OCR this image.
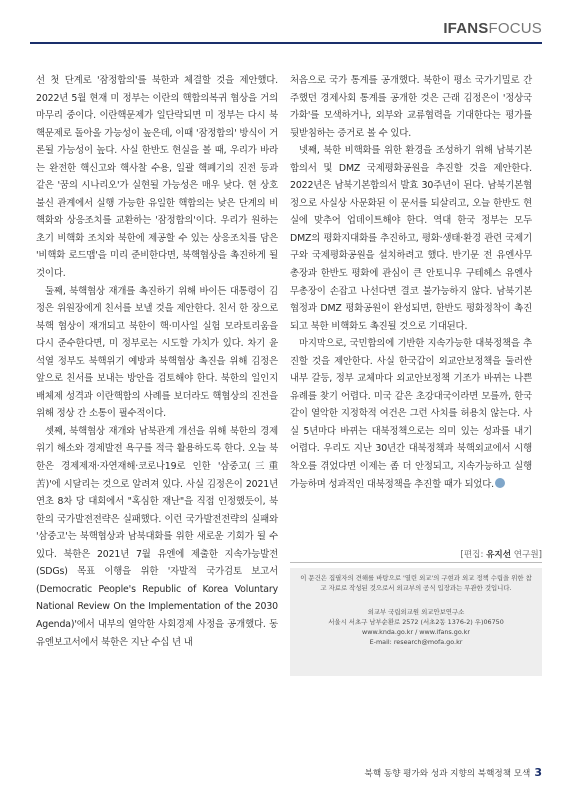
IFANSFOCUS

선 첫 단계로 '잠정합의'를 북한과 체결할 것을 제안했다. 2022년 5월 현재 미 정부는 이란의 핵합의복귀 협상을 거의 마무리 중이다. 이란핵문제가 일단락되면 미 정부는 다시 북핵문제로 돌아올 가능성이 높은데, 이때 '잠정합의' 방식이 거론될 가능성이 높다. 사실 한반도 현실을 볼 때, 우리가 바라는 완전한 핵신고와 핵사찰 수용, 일괄 핵폐기의 진전 등과 같은 '꿈의 시나리오'가 실현될 가능성은 매우 낮다. 현 상호불신 관계에서 실행 가능한 유일한 핵합의는 낮은 단계의 비핵화와 상응조치를 교환하는 '잠정합의'이다. 우리가 원하는 초기 비핵화 조치와 북한에 제공할 수 있는 상응조치를 담은 '비핵화 로드맵'을 미리 준비한다면, 북핵협상을 촉진하게 될 것이다.

둘째, 북핵협상 재개를 촉진하기 위해 바이든 대통령이 김정은 위원장에게 친서를 보낼 것을 제안한다. 친서 한 장으로 북핵 협상이 재개되고 북한이 핵·미사일 실험 모라토리움을 다시 준수한다면, 미 정부로는 시도할 가치가 있다. 차기 윤석열 정부도 북핵위기 예방과 북핵협상 촉진을 위해 김정은 앞으로 친서를 보내는 방안을 검토해야 한다. 북한의 일인지배체제 성격과 이란핵합의 사례를 보더라도 핵협상의 진전을 위해 정상 간 소통이 필수적이다.

셋째, 북핵협상 재개와 남북관계 개선을 위해 북한의 경제위기 해소와 경제발전 욕구를 적극 활용하도록 한다. 오늘 북한은 경제제재·자연재해·코로나19로 인한 '삼중고(三重苦)'에 시달리는 것으로 알려져 있다. 사실 김정은이 2021년 연초 8차 당 대회에서 "혹심한 재난"을 직접 인정했듯이, 북한의 국가발전전략은 실패했다. 이런 국가발전전략의 실패와 '삼중고'는 북핵협상과 남북대화를 위한 새로운 기회가 될 수 있다. 북한은 2021년 7월 유엔에 제출한 지속가능발전(SDGs) 목표 이행을 위한 '자발적 국가검토 보고서(Democratic People's Republic of Korea Voluntary National Review On the Implementation of the 2030 Agenda)'에서 내부의 열악한 사회경제 사정을 공개했다. 동 유엔보고서에서 북한은 지난 수십 년 내

처음으로 국가 통계를 공개했다. 북한이 평소 국가기밀로 간주했던 경제사회 통계를 공개한 것은 근래 김정은이 '정상국가화'를 모색하거나, 외부와 교류협력을 기대한다는 평가를 뒷받침하는 증거로 볼 수 있다.

넷째, 북한 비핵화를 위한 환경을 조성하기 위해 남북기본합의서 및 DMZ 국제평화공원을 추진할 것을 제안한다. 2022년은 남북기본합의서 발효 30주년이 된다. 남북기본협정으로 사실상 사문화된 이 문서를 되살리고, 오늘 한반도 현실에 맞추어 업데이트해야 한다. 역대 한국 정부는 모두 DMZ의 평화지대화를 추진하고, 평화·생태·환경 관련 국제기구와 국제평화공원을 설치하려고 했다. 반기문 전 유엔사무총장과 한반도 평화에 관심이 큰 안토니우 구테헤스 유엔사무총장이 손잡고 나선다면 결코 불가능하지 않다. 남북기본협정과 DMZ 평화공원이 완성되면, 한반도 평화정착이 촉진되고 북한 비핵화도 촉진될 것으로 기대된다.

마지막으로, 국민합의에 기반한 지속가능한 대북정책을 추진할 것을 제안한다. 사실 한국갑이 외교안보정책을 둘러싼 내부 갈등, 정부 교체마다 외교안보정책 기조가 바뀌는 나쁜 유례를 찾기 어렵다. 미국 같은 초강대국이라면 모를까, 한국같이 열악한 지정학적 여건은 그런 사치를 허용치 않는다. 사실 5년마다 바뀌는 대북정책으로는 의미 있는 성과를 내기 어렵다. 우리도 지난 30년간 대북정책과 북핵외교에서 시행착오를 겪었다면 이제는 좀 더 안정되고, 지속가능하고 실행가능하며 성과적인 대북정책을 추진할 때가 되었다.

[편집: 유지선 연구원]
이 문건은 집필자의 견해를 바탕으로 '열린 외교'의 구현과 외교 정책 수립을 위한 참고 자료로 작성된 것으로서 외교부의 공식 입장과는 무관한 것입니다.
외교부 국립외교원 외교안보연구소
서울시 서초구 남부순환로 2572 (서초2동 1376-2) 우)06750
www.knda.go.kr / www.ifans.go.kr
E-mail: research@mofa.go.kr
북핵 동향 평가와 성과 지향의 북핵정책 모색 3
